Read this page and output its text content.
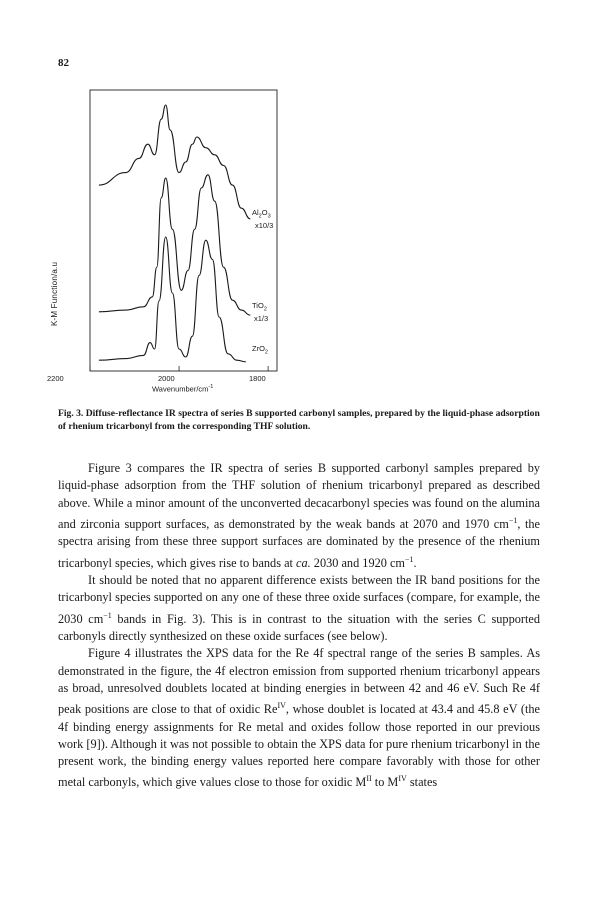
82
K-M Function/a.u
2200	2000	1800
Wavenumber/$cm^{-1}$
$Al_2O_3$
x10/3
TiO$_2$
x1/3
ZrO$_2$
Fig. 3. Diffuse-reflectance IR spectra of series B supported carbonyl samples, prepared by the liquid-phase adsorption of rhenium tricarbonyl from the corresponding THF solution.

Figure 3 compares the IR spectra of series B supported carbonyl samples prepared by liquid-phase adsorption from the THF solution of rhenium tricarbonyl prepared as described above. While a minor amount of the unconverted decacarbonyl species was found on the alumina and zirconia support surfaces, as demonstrated by the weak bands at 2070 and 1970 $cm^{-1}$, the spectra arising from these three support surfaces are dominated by the presence of the rhenium tricarbonyl species, which gives rise to bands at ca. 2030 and 1920 $cm^{-1}$.

It should be noted that no apparent difference exists between the IR band positions for the tricarbonyl species supported on any one of these three oxide surfaces (compare, for example, the 2030 $cm^{-1}$ bands in Fig. 3). This is in contrast to the situation with the series C supported carbonyls directly synthesized on these oxide surfaces (see below).

Figure 4 illustrates the XPS data for the Re 4f spectral range of the series B samples. As demonstrated in the figure, the 4f electron emission from supported rhenium tricarbonyl appears as broad, unresolved doublets located at binding energies in between 42 and 46 eV. Such Re 4f peak positions are close to that of oxidic $Re^{IV}$, whose doublet is located at 43.4 and 45.8 eV (the 4f binding energy assignments for Re metal and oxides follow those reported in our previous work [9]). Although it was not possible to obtain the XPS data for pure rhenium tricarbonyl in the present work, the binding energy values reported here compare favorably with those for other metal carbonyls, which give values close to those for oxidic $M^{II}$ to $M^{IV}$ states
